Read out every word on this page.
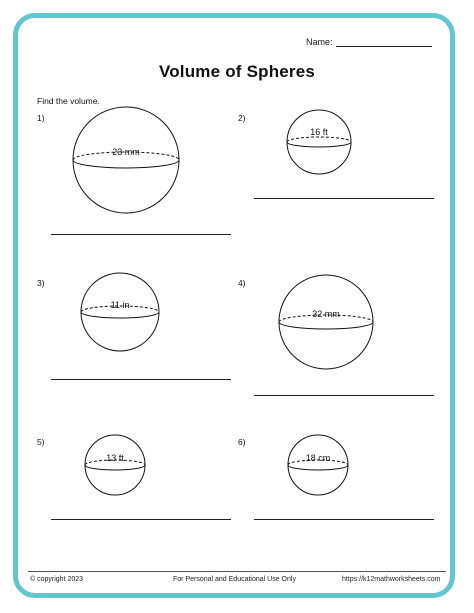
Name:
Volume of Spheres
Find the volume.
1)
23 mm
2)
16 ft
3)
11 in
4)
32 mm
5)
13 ft
6)
18 cm
© copyright 2023	For Personal and Educational Use Only	https://k12mathworksheets.com
